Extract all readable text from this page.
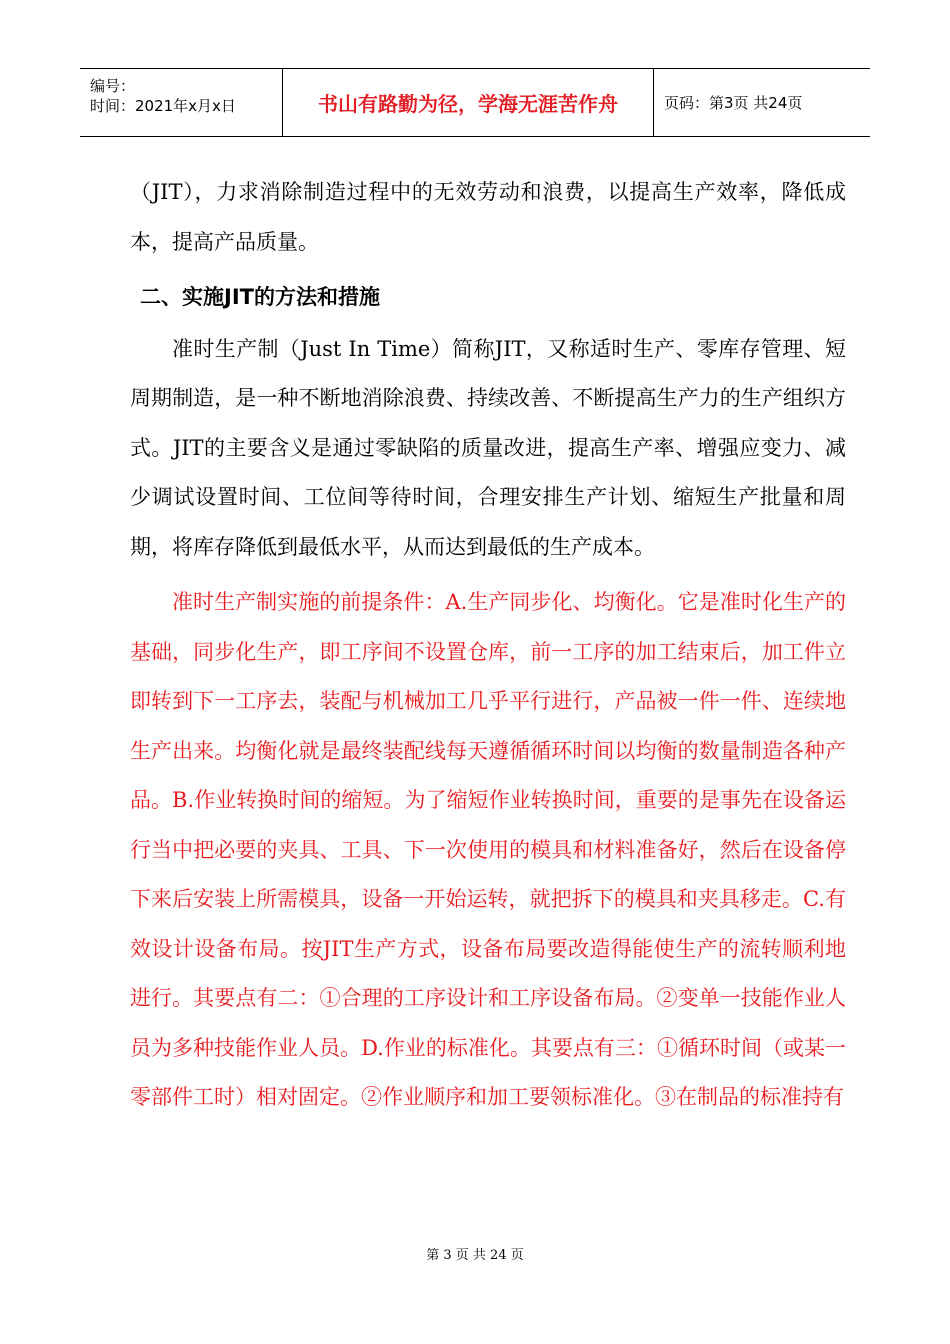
编号：
时间：2021年x月x日	书山有路勤为径，学海无涯苦作舟	页码：第3页 共24页

（JIT），力求消除制造过程中的无效劳动和浪费，以提高生产效率，降低成本，提高产品质量。

二、实施JIT的方法和措施

准时生产制（Just In Time）简称JIT，又称适时生产、零库存管理、短周期制造，是一种不断地消除浪费、持续改善、不断提高生产力的生产组织方式。JIT的主要含义是通过零缺陷的质量改进，提高生产率、增强应变力、减少调试设置时间、工位间等待时间，合理安排生产计划、缩短生产批量和周期，将库存降低到最低水平，从而达到最低的生产成本。

准时生产制实施的前提条件：A.生产同步化、均衡化。它是准时化生产的基础，同步化生产，即工序间不设置仓库，前一工序的加工结束后，加工件立即转到下一工序去，装配与机械加工几乎平行进行，产品被一件一件、连续地生产出来。均衡化就是最终装配线每天遵循循环时间以均衡的数量制造各种产品。B.作业转换时间的缩短。为了缩短作业转换时间，重要的是事先在设备运行当中把必要的夹具、工具、下一次使用的模具和材料准备好，然后在设备停下来后安装上所需模具，设备一开始运转，就把拆下的模具和夹具移走。C.有效设计设备布局。按JIT生产方式，设备布局要改造得能使生产的流转顺利地进行。其要点有二：①合理的工序设计和工序设备布局。②变单一技能作业人员为多种技能作业人员。D.作业的标准化。其要点有三：①循环时间（或某一零部件工时）相对固定。②作业顺序和加工要领标准化。③在制品的标准持有

第 3 页 共 24 页
